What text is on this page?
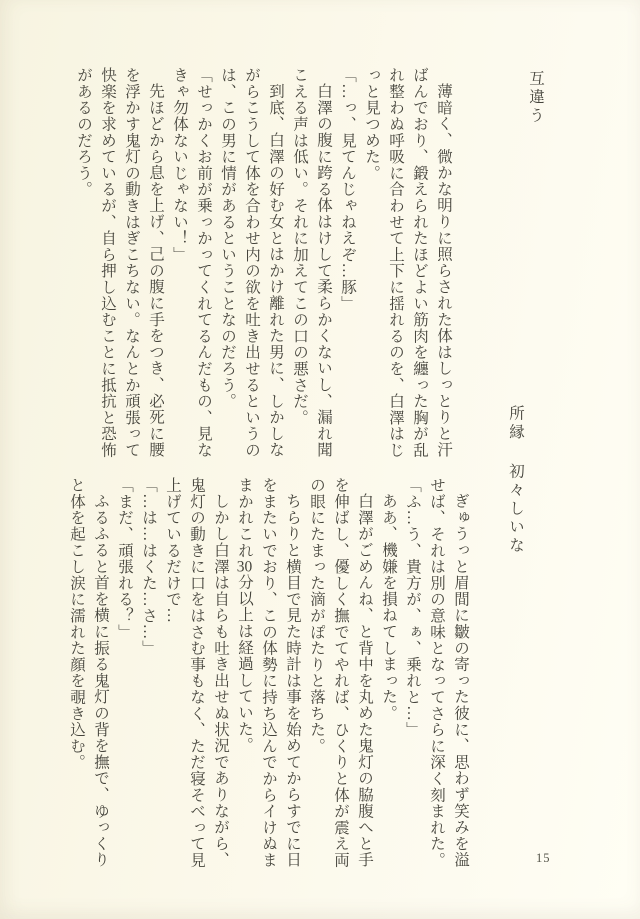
互違う

薄暗く、微かな明りに照らされた体はしっとりと汗ばんでおり、鍛えられたほどよい筋肉を纏った胸が乱れ整わぬ呼吸に合わせて上下に揺れるのを、白澤はじっと見つめた。

「…っ、見てんじゃねえぞ…豚」

白澤の腹に跨る体はけして柔らかくないし、漏れ聞こえる声は低い。それに加えてこの口の悪さだ。

到底、白澤の好む女とはかけ離れた男に、しかしながらこうして体を合わせ内の欲を吐き出せるというのは、この男に情があるということなのだろう。

「せっかくお前が乗っかってくれてるんだもの、見なきゃ勿体ないじゃない！」

先ほどから息を上げ、己の腹に手をつき、必死に腰を浮かす鬼灯の動きはぎこちない。なんとか頑張って快楽を求めているが、自ら押し込むことに抵抗と恐怖があるのだろう。

所縁
初々しいな

ぎゅうっと眉間に皺の寄った彼に、思わず笑みを溢せば、それは別の意味となってさらに深く刻まれた。

「ふ…う、貴方が、ぁ、乗れと…」

ああ、機嫌を損ねてしまった。

白澤がごめんね、と背中を丸めた鬼灯の脇腹へと手を伸ばし、優しく撫でてやれば、ひくりと体が震え両の眼にたまった滴がぽたりと落ちた。

ちらりと横目で見た時計は事を始めてからすでに日をまたいでおり、この体勢に持ち込んでからイけぬままかれこれ30分以上は経過していた。

しかし白澤は自らも吐き出せぬ状況でありながら、鬼灯の動きに口をはさむ事もなく、ただ寝そべって見上げているだけで…

「…は…はくた…さ…」

「まだ、頑張れる？」

ふるふると首を横に振る鬼灯の背を撫で、ゆっくりと体を起こし涙に濡れた顔を覗き込む。

15
